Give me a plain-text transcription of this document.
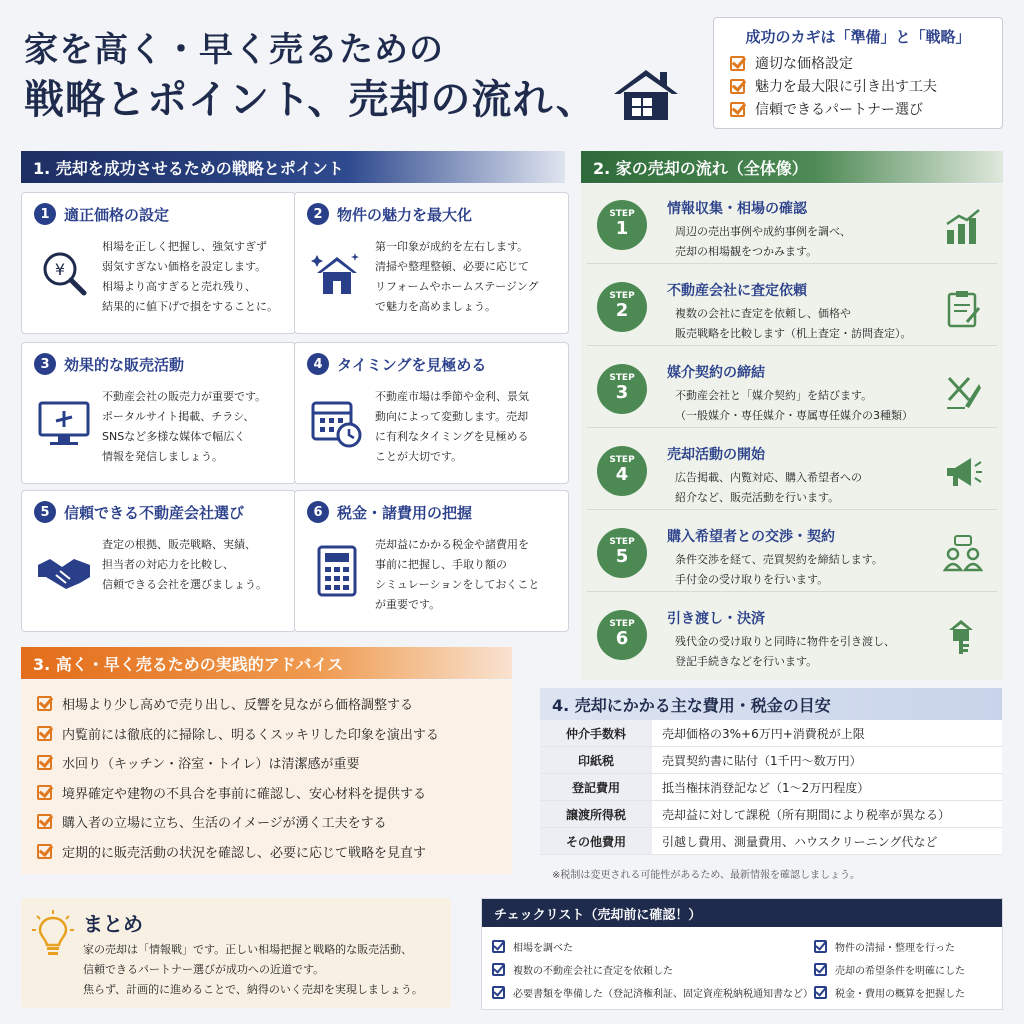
家を高く・早く売るための
戦略とポイント、売却の流れ、
成功のカギは「準備」と「戦略」
適切な価格設定
魅力を最大限に引き出す工夫
信頼できるパートナー選び
1. 売却を成功させるための戦略とポイント
1 適正価格の設定
¥
相場を正しく把握し、強気すぎず
弱気すぎない価格を設定します。
相場より高すぎると売れ残り、
結果的に値下げで損をすることに。
2 物件の魅力を最大化
第一印象が成約を左右します。
清掃や整理整頓、必要に応じて
リフォームやホームステージング
で魅力を高めましょう。
3 効果的な販売活動
不動産会社の販売力が重要です。
ポータルサイト掲載、チラシ、
SNSなど多様な媒体で幅広く
情報を発信しましょう。
4 タイミングを見極める
不動産市場は季節や金利、景気
動向によって変動します。売却
に有利なタイミングを見極める
ことが大切です。
5 信頼できる不動産会社選び
査定の根拠、販売戦略、実績、
担当者の対応力を比較し、
信頼できる会社を選びましょう。
6 税金・諸費用の把握
売却益にかかる税金や諸費用を
事前に把握し、手取り額の
シミュレーションをしておくこと
が重要です。
2. 家の売却の流れ（全体像）
STEP
1
情報収集・相場の確認
周辺の売出事例や成約事例を調べ、
売却の相場観をつかみます。
STEP
2
不動産会社に査定依頼
複数の会社に査定を依頼し、価格や
販売戦略を比較します（机上査定・訪問査定）。
STEP
3
媒介契約の締結
不動産会社と「媒介契約」を結びます。
（一般媒介・専任媒介・専属専任媒介の3種類）
STEP
4
売却活動の開始
広告掲載、内覧対応、購入希望者への
紹介など、販売活動を行います。
STEP
5
購入希望者との交渉・契約
条件交渉を経て、売買契約を締結します。
手付金の受け取りを行います。
STEP
6
引き渡し・決済
残代金の受け取りと同時に物件を引き渡し、
登記手続きなどを行います。
3. 高く・早く売るための実践的アドバイス
相場より少し高めで売り出し、反響を見ながら価格調整する
内覧前には徹底的に掃除し、明るくスッキリした印象を演出する
水回り（キッチン・浴室・トイレ）は清潔感が重要
境界確定や建物の不具合を事前に確認し、安心材料を提供する
購入者の立場に立ち、生活のイメージが湧く工夫をする
定期的に販売活動の状況を確認し、必要に応じて戦略を見直す
4. 売却にかかる主な費用・税金の目安
仲介手数料	売却価格の3%+6万円+消費税が上限
印紙税	売買契約書に貼付（1千円〜数万円）
登記費用	抵当権抹消登記など（1〜2万円程度）
譲渡所得税	売却益に対して課税（所有期間により税率が異なる）
その他費用	引越し費用、測量費用、ハウスクリーニング代など
※税制は変更される可能性があるため、最新情報を確認しましょう。
まとめ
家の売却は「情報戦」です。正しい相場把握と戦略的な販売活動、
信頼できるパートナー選びが成功への近道です。
焦らず、計画的に進めることで、納得のいく売却を実現しましょう。
チェックリスト（売却前に確認！）
相場を調べた
複数の不動産会社に査定を依頼した
必要書類を準備した（登記済権利証、固定資産税納税通知書など）
物件の清掃・整理を行った
売却の希望条件を明確にした
税金・費用の概算を把握した
